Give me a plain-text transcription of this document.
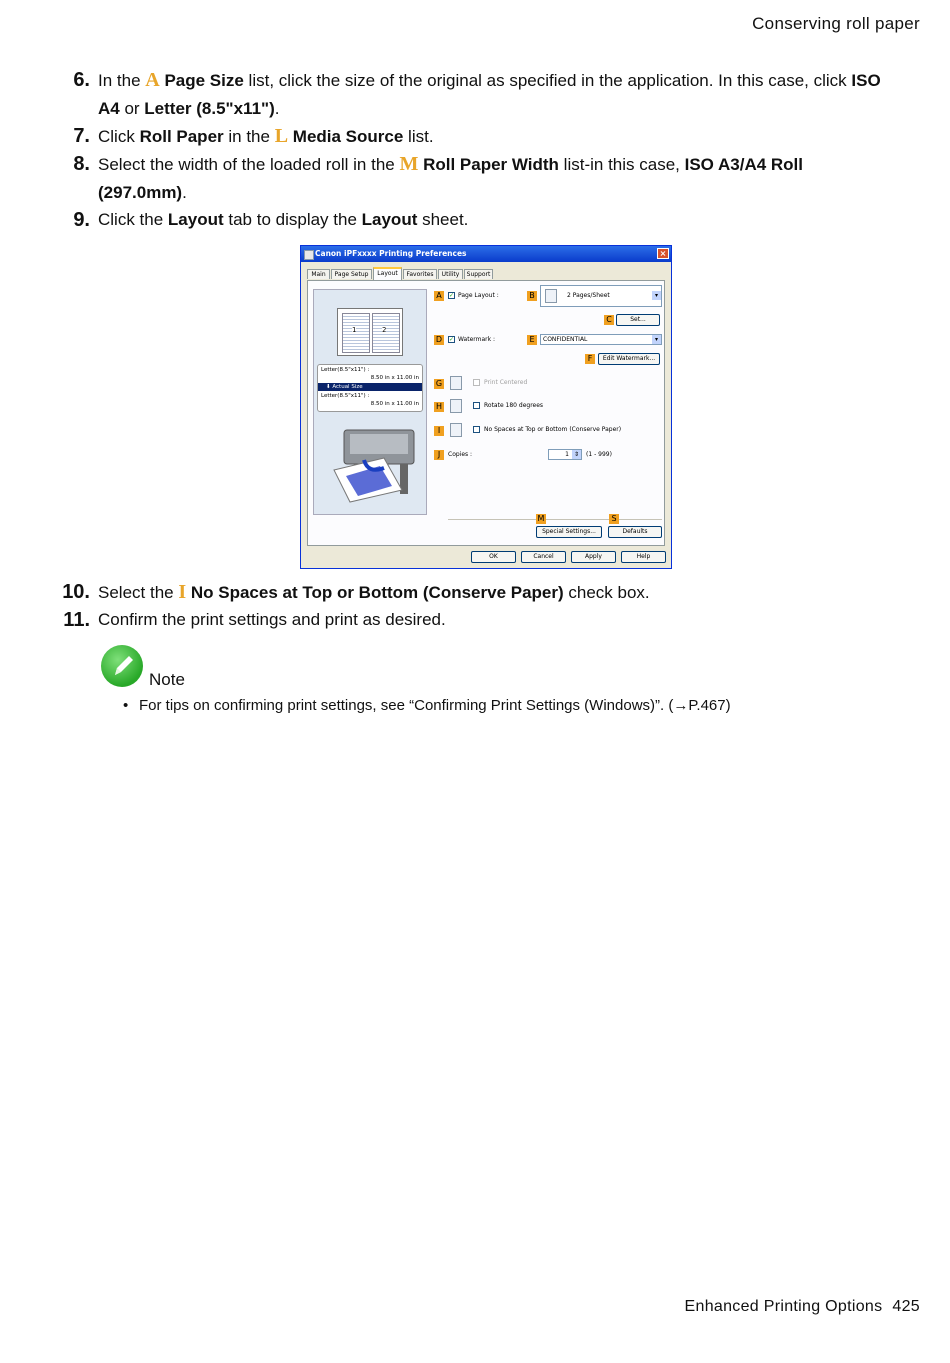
Conserving roll paper
6. In the A Page Size list, click the size of the original as specified in the application. In this case, click ISO A4 or Letter (8.5"x11").
7. Click Roll Paper in the L Media Source list.
8. Select the width of the loaded roll in the M Roll Paper Width list-in this case, ISO A3/A4 Roll (297.0mm).
9. Click the Layout tab to display the Layout sheet.
Canon iPFxxxx Printing Preferences	×
Main	Page Setup	Layout	Favorites	Utility	Support
1	2
Letter(8.5"x11") :
8.50 in x 11.00 in
⬇ Actual Size
Letter(8.5"x11") :
8.50 in x 11.00 in
A	✓ Page Layout :	B	2 Pages/Sheet	▾
C	Set...
D	✓ Watermark :	E	CONFIDENTIAL	▾
F	Edit Watermark...
G	Print Centered
H	Rotate 180 degrees
I	No Spaces at Top or Bottom (Conserve Paper)
J	Copies :	1 ⇕	(1 - 999)
M
Special Settings...
S
Defaults
OK	Cancel	Apply	Help
10. Select the I No Spaces at Top or Bottom (Conserve Paper) check box.
11. Confirm the print settings and print as desired.
Note
• For tips on confirming print settings, see “Confirming Print Settings (Windows)”. (→P.467)
Enhanced Printing Options 425
